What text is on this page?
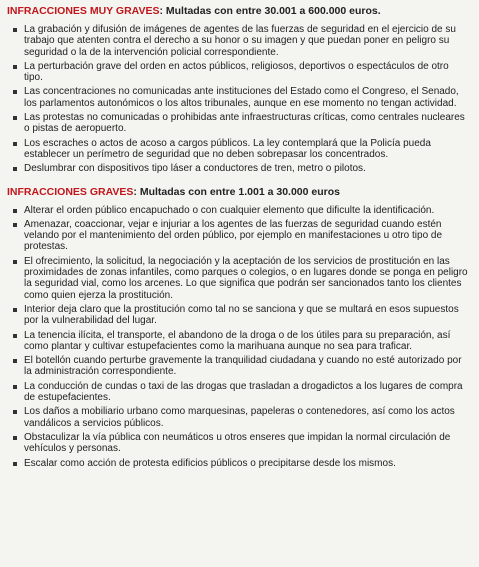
INFRACCIONES MUY GRAVES: Multadas con entre 30.001 a 600.000 euros.
La grabación y difusión de imágenes de agentes de las fuerzas de seguridad en el ejercicio de su trabajo que atenten contra el derecho a su honor o su imagen y que puedan poner en peligro su seguridad o la de la intervención policial correspondiente.
La perturbación grave del orden en actos públicos, religiosos, deportivos o espectáculos de otro tipo.
Las concentraciones no comunicadas ante instituciones del Estado como el Congreso, el Senado, los parlamentos autonómicos o los altos tribunales, aunque en ese momento no tengan actividad.
Las protestas no comunicadas o prohibidas ante infraestructuras críticas, como centrales nucleares o pistas de aeropuerto.
Los escraches o actos de acoso a cargos públicos. La ley contemplará que la Policía pueda establecer un perímetro de seguridad que no deben sobrepasar los concentrados.
Deslumbrar con dispositivos tipo láser a conductores de tren, metro o pilotos.
INFRACCIONES GRAVES: Multadas con entre 1.001 a 30.000 euros
Alterar el orden público encapuchado o con cualquier elemento que dificulte la identificación.
Amenazar, coaccionar, vejar e injuriar a los agentes de las fuerzas de seguridad cuando estén velando por el mantenimiento del orden público, por ejemplo en manifestaciones u otro tipo de protestas.
El ofrecimiento, la solicitud, la negociación y la aceptación de los servicios de prostitución en las proximidades de zonas infantiles, como parques o colegios, o en lugares donde se ponga en peligro la seguridad vial, como los arcenes. Lo que significa que podrán ser sancionados tanto los clientes como quien ejerza la prostitución.
Interior deja claro que la prostitución como tal no se sanciona y que se multará en esos supuestos por la vulnerabilidad del lugar.
La tenencia ilícita, el transporte, el abandono de la droga o de los útiles para su preparación, así como plantar y cultivar estupefacientes como la marihuana aunque no sea para traficar.
El botellón cuando perturbe gravemente la tranquilidad ciudadana y cuando no esté autorizado por la administración correspondiente.
La conducción de cundas o taxi de las drogas que trasladan a drogadictos a los lugares de compra de estupefacientes.
Los daños a mobiliario urbano como marquesinas, papeleras o contenedores, así como los actos vandálicos a servicios públicos.
Obstaculizar la vía pública con neumáticos u otros enseres que impidan la normal circulación de vehículos y personas.
Escalar como acción de protesta edificios públicos o precipitarse desde los mismos.
